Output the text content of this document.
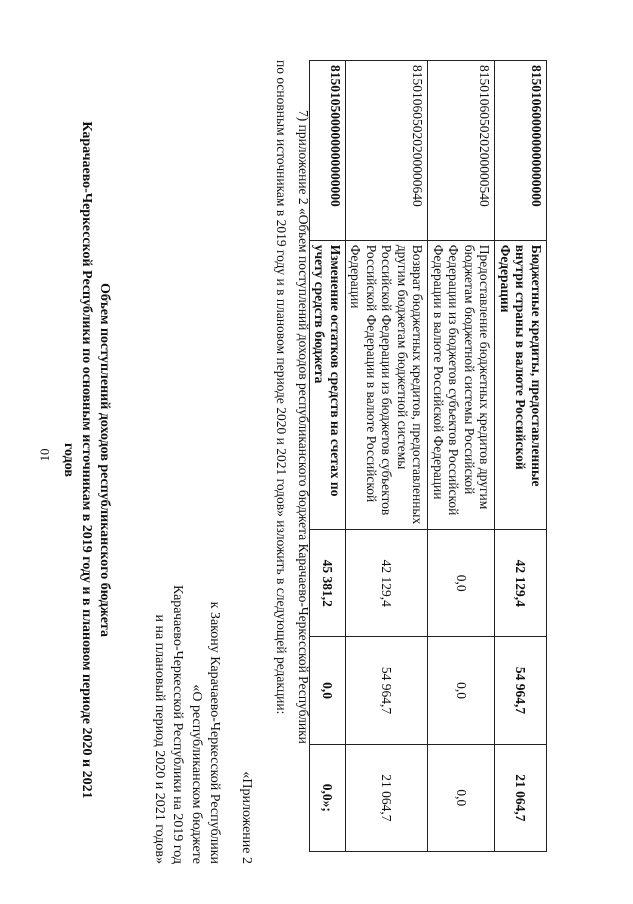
10
815010600000000000000	Бюджетные кредиты, предоставленные внутри страны в валюте Российской Федерации	42 129,4	54 964,7	21 064,7
815010605020200000540	Предоставление бюджетных кредитов другим бюджетам бюджетной системы Российской Федерации из бюджетов субъектов Российской Федерации в валюте Российской Федерации	0,0	0,0	0,0
815010605020200000640	Возврат бюджетных кредитов, предоставленных другим бюджетам бюджетной системы Российской Федерации из бюджетов субъектов Российской Федерации в валюте Российской Федерации	42 129,4	54 964,7	21 064,7
815010500000000000000	Изменение остатков средств на счетах по учету средств бюджета	45 381,2	0,0	0,0»;
7) приложение 2 «Объем поступлений доходов республиканского бюджета Карачаево-Черкесской Республики
по основным источникам в 2019 году и в плановом периоде 2020 и 2021 годов» изложить в следующей редакции:
«Приложение 2
к Закону Карачаево-Черкесской Республики
«О республиканском бюджете
Карачаево-Черкесской Республики на 2019 год
и на плановый период 2020 и 2021 годов»
Объем поступлений доходов республиканского бюджета
Карачаево-Черкесской Республики по основным источникам в 2019 году и в плановом периоде 2020 и 2021
годов
